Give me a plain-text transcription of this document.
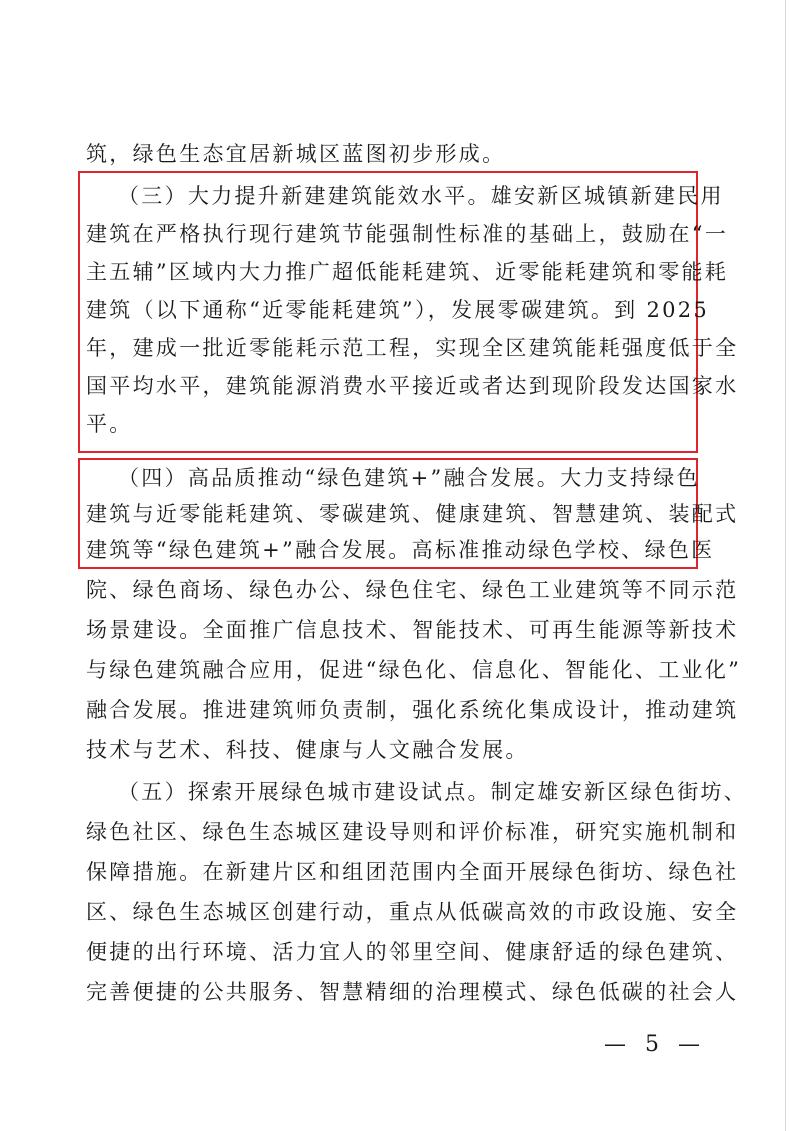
筑，绿色生态宜居新城区蓝图初步形成。
（三）大力提升新建建筑能效水平。雄安新区城镇新建民用
建筑在严格执行现行建筑节能强制性标准的基础上，鼓励在“一
主五辅”区域内大力推广超低能耗建筑、近零能耗建筑和零能耗
建筑（以下通称“近零能耗建筑”），发展零碳建筑。到 2025
年，建成一批近零能耗示范工程，实现全区建筑能耗强度低于全
国平均水平，建筑能源消费水平接近或者达到现阶段发达国家水
平。
（四）高品质推动“绿色建筑+”融合发展。大力支持绿色
建筑与近零能耗建筑、零碳建筑、健康建筑、智慧建筑、装配式
建筑等“绿色建筑+”融合发展。高标准推动绿色学校、绿色医
院、绿色商场、绿色办公、绿色住宅、绿色工业建筑等不同示范
场景建设。全面推广信息技术、智能技术、可再生能源等新技术
与绿色建筑融合应用，促进“绿色化、信息化、智能化、工业化”
融合发展。推进建筑师负责制，强化系统化集成设计，推动建筑
技术与艺术、科技、健康与人文融合发展。
（五）探索开展绿色城市建设试点。制定雄安新区绿色街坊、
绿色社区、绿色生态城区建设导则和评价标准，研究实施机制和
保障措施。在新建片区和组团范围内全面开展绿色街坊、绿色社
区、绿色生态城区创建行动，重点从低碳高效的市政设施、安全
便捷的出行环境、活力宜人的邻里空间、健康舒适的绿色建筑、
完善便捷的公共服务、智慧精细的治理模式、绿色低碳的社会人
— 5 —
